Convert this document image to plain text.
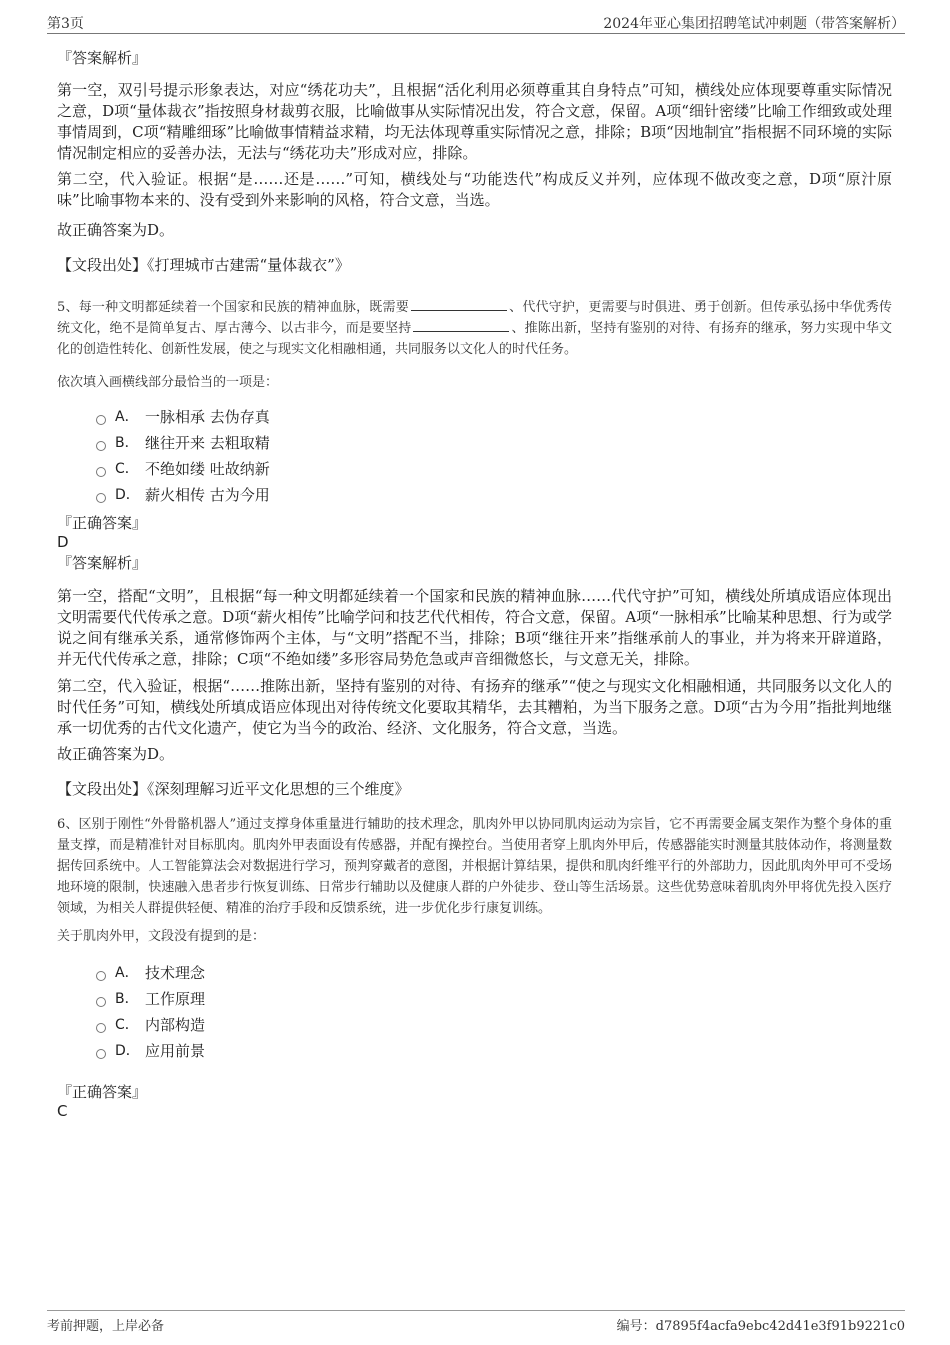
第3页	2024年亚心集团招聘笔试冲刺题（带答案解析）
『答案解析』

第一空，双引号提示形象表达，对应“绣花功夫”，且根据“活化利用必须尊重其自身特点”可知，横线处应体现要尊重实际情况之意，D项“量体裁衣”指按照身材裁剪衣服，比喻做事从实际情况出发，符合文意，保留。A项“细针密缕”比喻工作细致或处理事情周到，C项“精雕细琢”比喻做事情精益求精，均无法体现尊重实际情况之意，排除；B项“因地制宜”指根据不同环境的实际情况制定相应的妥善办法，无法与“绣花功夫”形成对应，排除。

第二空，代入验证。根据“是……还是……”可知，横线处与“功能迭代”构成反义并列，应体现不做改变之意，D项“原汁原味”比喻事物本来的、没有受到外来影响的风格，符合文意，当选。

故正确答案为D。
【文段出处】《打理城市古建需“量体裁衣”》

5、每一种文明都延续着一个国家和民族的精神血脉，既需要	、代代守护，更需要与时俱进、勇于创新。但传承弘扬中华优秀传统文化，绝不是简单复古、厚古薄今、以古非今，而是要坚持	、推陈出新，坚持有鉴别的对待、有扬弃的继承，努力实现中华文化的创造性转化、创新性发展，使之与现实文化相融相通，共同服务以文化人的时代任务。

依次填入画横线部分最恰当的一项是：
A． 一脉相承 去伪存真
B． 继往开来 去粗取精
C． 不绝如缕 吐故纳新
D． 薪火相传 古为今用
『正确答案』
D
『答案解析』

第一空，搭配“文明”，且根据“每一种文明都延续着一个国家和民族的精神血脉……代代守护”可知，横线处所填成语应体现出文明需要代代传承之意。D项“薪火相传”比喻学问和技艺代代相传，符合文意，保留。A项“一脉相承”比喻某种思想、行为或学说之间有继承关系，通常修饰两个主体，与“文明”搭配不当，排除；B项“继往开来”指继承前人的事业，并为将来开辟道路，并无代代传承之意，排除；C项“不绝如缕”多形容局势危急或声音细微悠长，与文意无关，排除。

第二空，代入验证，根据“……推陈出新，坚持有鉴别的对待、有扬弃的继承”“使之与现实文化相融相通，共同服务以文化人的时代任务”可知，横线处所填成语应体现出对待传统文化要取其精华，去其糟粕，为当下服务之意。D项“古为今用”指批判地继承一切优秀的古代文化遗产，使它为当今的政治、经济、文化服务，符合文意，当选。

故正确答案为D。
【文段出处】《深刻理解习近平文化思想的三个维度》

6、区别于刚性“外骨骼机器人”通过支撑身体重量进行辅助的技术理念，肌肉外甲以协同肌肉运动为宗旨，它不再需要金属支架作为整个身体的重量支撑，而是精准针对目标肌肉。肌肉外甲表面设有传感器，并配有操控台。当使用者穿上肌肉外甲后，传感器能实时测量其肢体动作，将测量数据传回系统中。人工智能算法会对数据进行学习，预判穿戴者的意图，并根据计算结果，提供和肌肉纤维平行的外部助力，因此肌肉外甲可不受场地环境的限制，快速融入患者步行恢复训练、日常步行辅助以及健康人群的户外徒步、登山等生活场景。这些优势意味着肌肉外甲将优先投入医疗领域，为相关人群提供轻便、精准的治疗手段和反馈系统，进一步优化步行康复训练。

关于肌肉外甲，文段没有提到的是：
A． 技术理念
B． 工作原理
C． 内部构造
D． 应用前景
『正确答案』
C
考前押题，上岸必备	编号：d7895f4acfa9ebc42d41e3f91b9221c0
